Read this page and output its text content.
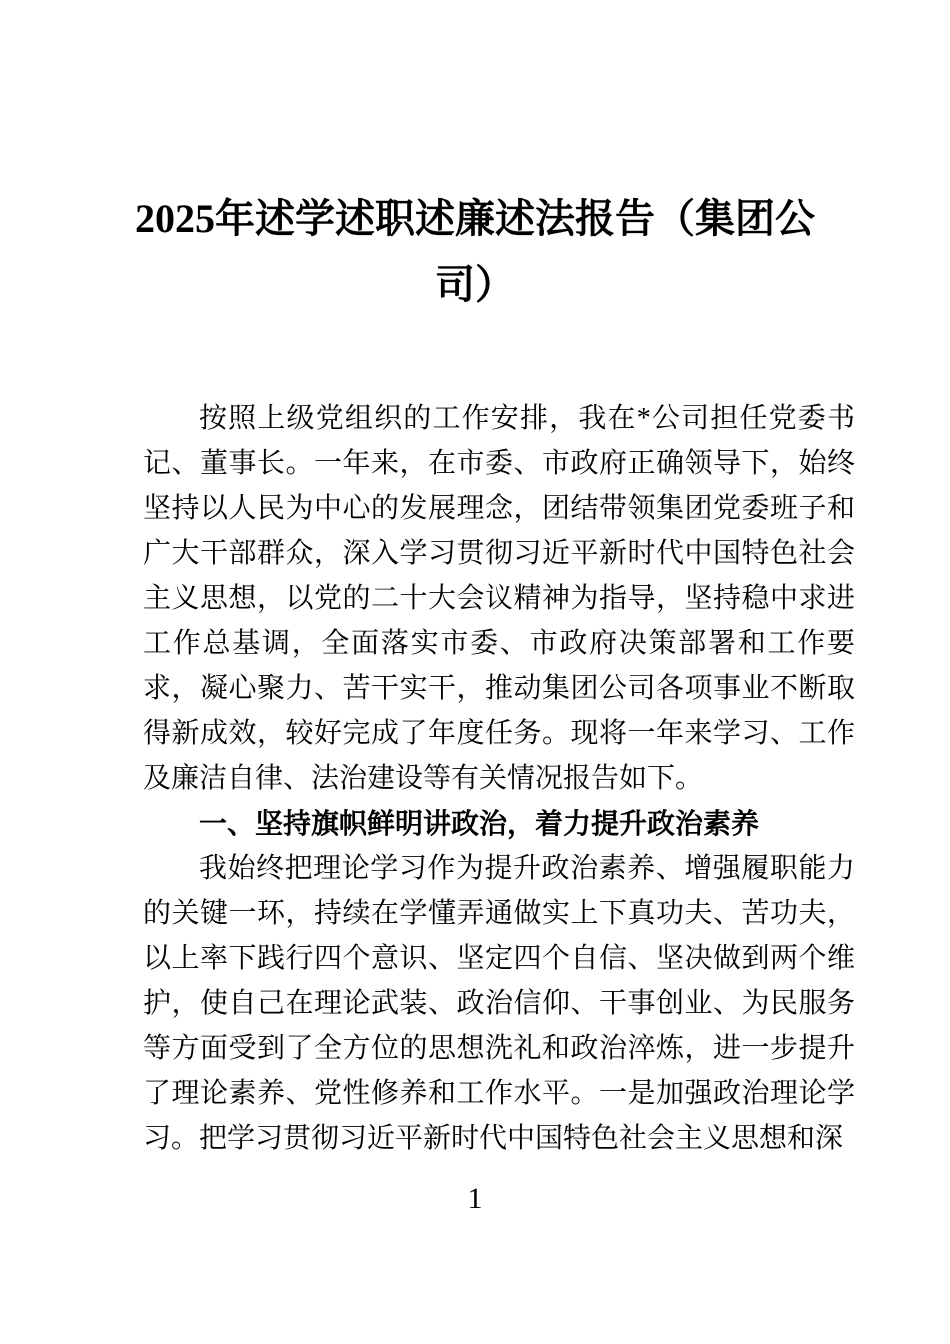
2025年述学述职述廉述法报告（集团公司）

按照上级党组织的工作安排，我在*公司担任党委书记、董事长。一年来，在市委、市政府正确领导下，始终坚持以人民为中心的发展理念，团结带领集团党委班子和广大干部群众，深入学习贯彻习近平新时代中国特色社会主义思想，以党的二十大会议精神为指导，坚持稳中求进工作总基调，全面落实市委、市政府决策部署和工作要求，凝心聚力、苦干实干，推动集团公司各项事业不断取得新成效，较好完成了年度任务。现将一年来学习、工作及廉洁自律、法治建设等有关情况报告如下。

一、坚持旗帜鲜明讲政治，着力提升政治素养

我始终把理论学习作为提升政治素养、增强履职能力的关键一环，持续在学懂弄通做实上下真功夫、苦功夫，以上率下践行四个意识、坚定四个自信、坚决做到两个维护，使自己在理论武装、政治信仰、干事创业、为民服务等方面受到了全方位的思想洗礼和政治淬炼，进一步提升了理论素养、党性修养和工作水平。一是加强政治理论学习。把学习贯彻习近平新时代中国特色社会主义思想和深

1
